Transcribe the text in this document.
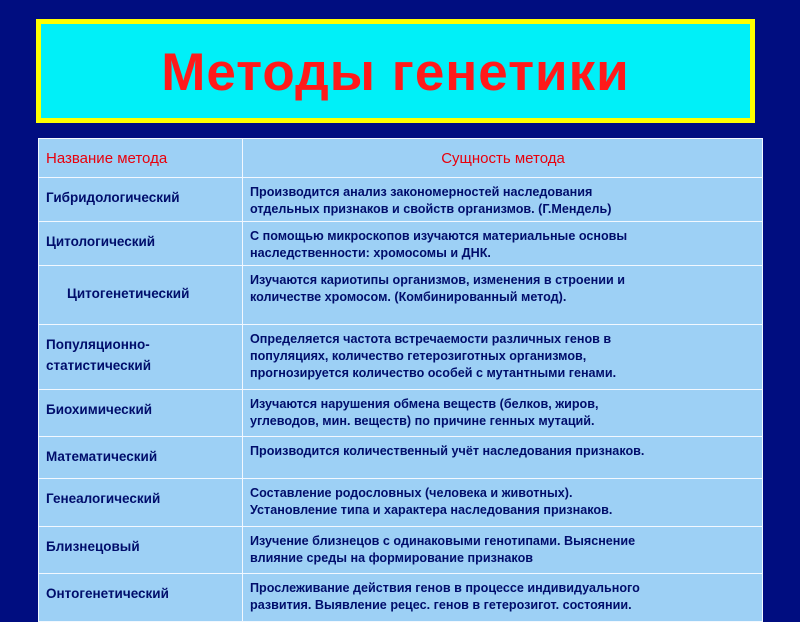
Методы генетики
Название метода	Сущность метода
Гибридологический	Производится анализ закономерностей наследования
отдельных признаков и свойств организмов. (Г.Мендель)
Цитологический	С помощью микроскопов изучаются материальные основы
наследственности: хромосомы и ДНК.
Цитогенетический	Изучаются кариотипы организмов, изменения в строении и
количестве хромосом. (Комбинированный метод).
Популяционно-
статистический	Определяется частота встречаемости различных генов в
популяциях, количество гетерозиготных организмов,
прогнозируется количество особей с мутантными генами.
Биохимический	Изучаются нарушения обмена веществ (белков, жиров,
углеводов, мин. веществ) по причине генных мутаций.
Математический	Производится количественный учёт наследования признаков.
Генеалогический	Составление родословных (человека и животных).
Установление типа и характера наследования признаков.
Близнецовый	Изучение близнецов с одинаковыми генотипами. Выяснение
влияние среды на формирование признаков
Онтогенетический	Прослеживание действия генов в процессе индивидуального
развития. Выявление рецес. генов в гетерозигот. состоянии.
